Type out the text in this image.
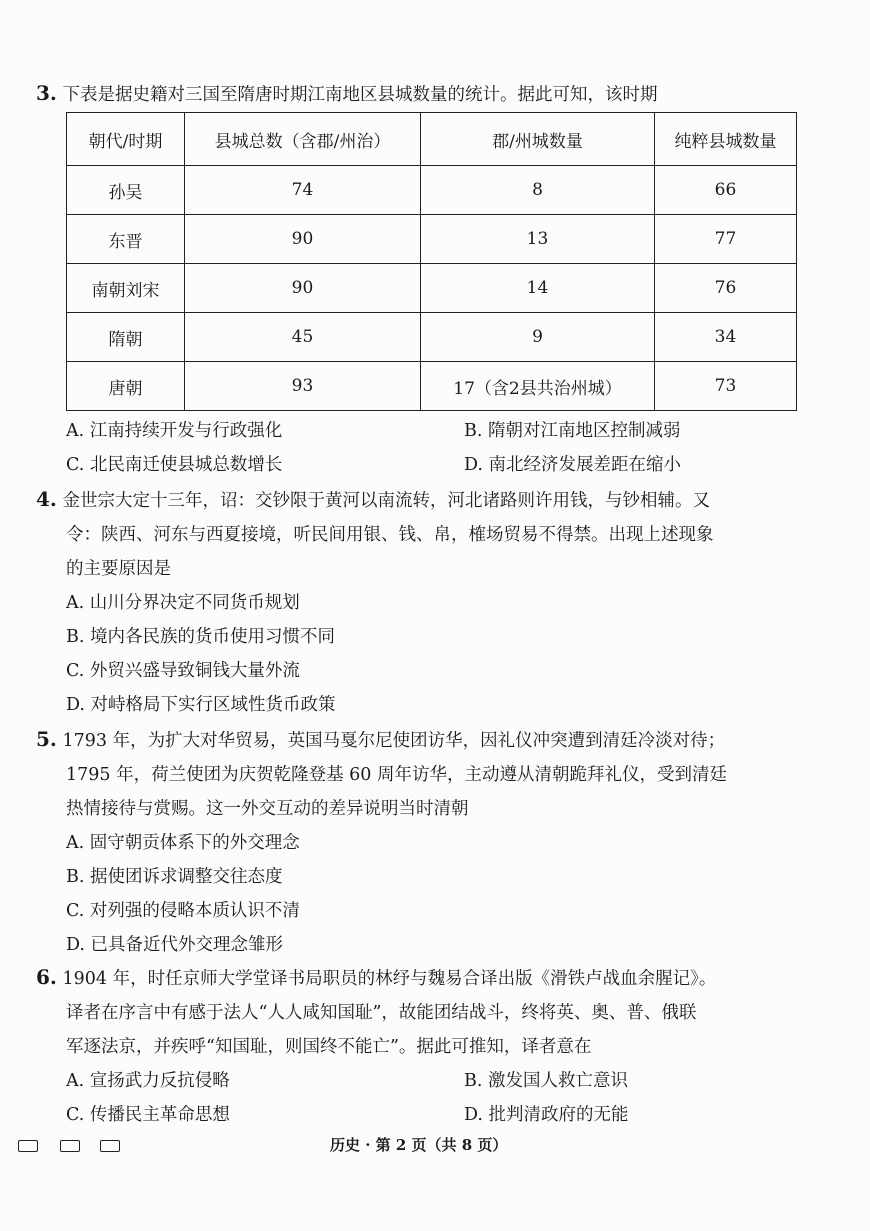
3. 下表是据史籍对三国至隋唐时期江南地区县城数量的统计。据此可知，该时期
朝代/时期	县城总数（含郡/州治）	郡/州城数量	纯粹县城数量
孙吴	74	8	66
东晋	90	13	77
南朝刘宋	90	14	76
隋朝	45	9	34
唐朝	93	17（含2县共治州城）	73
A. 江南持续开发与行政强化	B. 隋朝对江南地区控制减弱
C. 北民南迁使县城总数增长	D. 南北经济发展差距在缩小
4. 金世宗大定十三年，诏：交钞限于黄河以南流转，河北诸路则许用钱，与钞相辅。又
令：陕西、河东与西夏接境，听民间用银、钱、帛，榷场贸易不得禁。出现上述现象
的主要原因是
A. 山川分界决定不同货币规划
B. 境内各民族的货币使用习惯不同
C. 外贸兴盛导致铜钱大量外流
D. 对峙格局下实行区域性货币政策
5. 1793 年，为扩大对华贸易，英国马戛尔尼使团访华，因礼仪冲突遭到清廷冷淡对待；
1795 年，荷兰使团为庆贺乾隆登基 60 周年访华，主动遵从清朝跪拜礼仪，受到清廷
热情接待与赏赐。这一外交互动的差异说明当时清朝
A. 固守朝贡体系下的外交理念
B. 据使团诉求调整交往态度
C. 对列强的侵略本质认识不清
D. 已具备近代外交理念雏形
6. 1904 年，时任京师大学堂译书局职员的林纾与魏易合译出版《滑铁卢战血余腥记》。
译者在序言中有感于法人“人人咸知国耻”，故能团结战斗，终将英、奥、普、俄联
军逐法京，并疾呼“知国耻，则国终不能亡”。据此可推知，译者意在
A. 宣扬武力反抗侵略	B. 激发国人救亡意识
C. 传播民主革命思想	D. 批判清政府的无能
历史 · 第 2 页（共 8 页）
